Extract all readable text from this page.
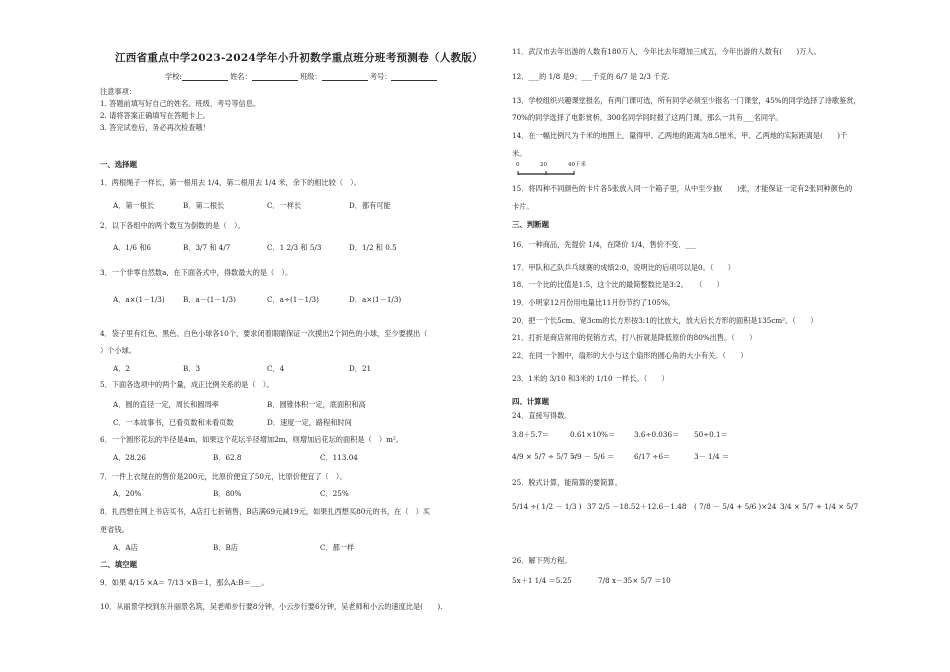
江西省重点中学2023-2024学年小升初数学重点班分班考预测卷（人教版）
学校:	姓名：	班级：	考号：
注意事项：
1. 答题前填写好自己的姓名、班级、考号等信息。
2. 请将答案正确填写在答题卡上。
3. 答完试卷后，务必再次检查哦！
一、选择题
1．两根绳子一样长，第一根用去 1/4，第二根用去 1/4 米，余下的相比较（　）。
A．第一根长	B．第二根长	C．一样长	D．都有可能
2．以下各组中的两个数互为倒数的是（　）。
A．1/6 和6	B．3/7 和 4/7	C．1 2/3 和 5/3	D．1/2 和 0.5
3．一个非零自然数a，在下面各式中，得数最大的是（　）。
A．a×(1－1/3)	B．a－(1－1/3)	C．a÷(1－1/3)	D．a×(1－1/3)
4．袋子里有红色、黑色、白色小球各10个，要求闭着眼睛保证一次摸出2个同色的小球，至少要摸出（
）个小球。
A．2	B．3	C．4	D．21
5．下面各选项中的两个量，成正比例关系的是（　）。
A．圆的直径一定，周长和圆周率	B．圆锥体积一定，底面积和高
C．一本故事书，已看页数和未看页数	D．速度一定，路程和时间
6．一个圆形花坛的半径是4m，如果这个花坛半径增加2m，则增加后花坛的面积是（　）m²。
A．28.26	B．62.8	C．113.04
7．一件上衣现在的售价是200元，比原价便宜了50元，比原价便宜了（　）。
A．20%	B．80%	C．25%
8．扎西想在网上书店买书，A店打七折销售，B店满69元减19元，如果扎西想买80元的书，在（　）买
更省钱。
A．A店	B．B店	C．都一样
二、填空题
9．如果 4/15 ×A＝ 7/13 ×B＝1，那么A:B＝___。
10．从丽景学校到东升丽景名筑，吴老师步行要8分钟，小云步行要6分钟，吴老师和小云的速度比是(　　).
11．武汉市去年出游的人数有180万人，今年比去年增加三成五，今年出游的人数有(　　)万人。
12．___的 1/8 是9；___千克的 6/7 是 2/3 千克.
13．学校组织兴趣课堂报名，有两门课可选，所有同学必须至少报名一门课堂，45%的同学选择了诗歌鉴赏，
70%的同学选择了电影赏析，300名同学同时报了这两门课，那么一共有___名同学。
14．在一幅比例尺为千米的地图上，量得甲、乙两地的距离为8.5厘米，甲、乙两地的实际距离是(　　)千
米。
0	20	40千米
15．将四种不同颜色的卡片各5张放入同一个箱子里，从中至少抽(　　)张，才能保证一定有2张同种颜色的
卡片。
三、判断题
16．一种商品，先提价 1/4，在降价 1/4，售价不变．___
17．甲队和乙队乒乓球赛的成绩2:0，说明比的后项可以是0。（　　）
18．一个比的比值是1.5，这个比的最简整数比是3:2。　　（　　）
19．小明家12月份用电量比11月份节约了105%。
20．把一个长5cm、宽3cm的长方形按3:1的比放大，放大后长方形的面积是135cm²。（　　）
21．打折是商店常用的促销方式，打八折就是降低原价的80%出售。（　　）
22．在同一个圆中，扇形的大小与这个扇形的圆心角的大小有关。（　　）
23．1米的 3/10 和3米的 1/10 一样长。（　　）
四、计算题
24．直接写得数。
3.8＋5.7＝	0.61×10%＝	3.6÷0.036＝ 50÷0.1＝
4/9 × 5/7 ÷ 5/7 ＝
5/9 － 5/6 ＝	6/17 ÷6＝	3－ 1/4 ＝
25．脱式计算，能简算的要简算。
5/14 ÷( 1/2 － 1/3 ) 37 2/5 －18.52＋12.6－1.48 ( 7/8 － 5/4 + 5/6 )×24 3/4 × 5/7 + 1/4 × 5/7
26．解下列方程。
5x＋1 1/4 ＝5.25	7/8 x－35× 5/7 ＝10
